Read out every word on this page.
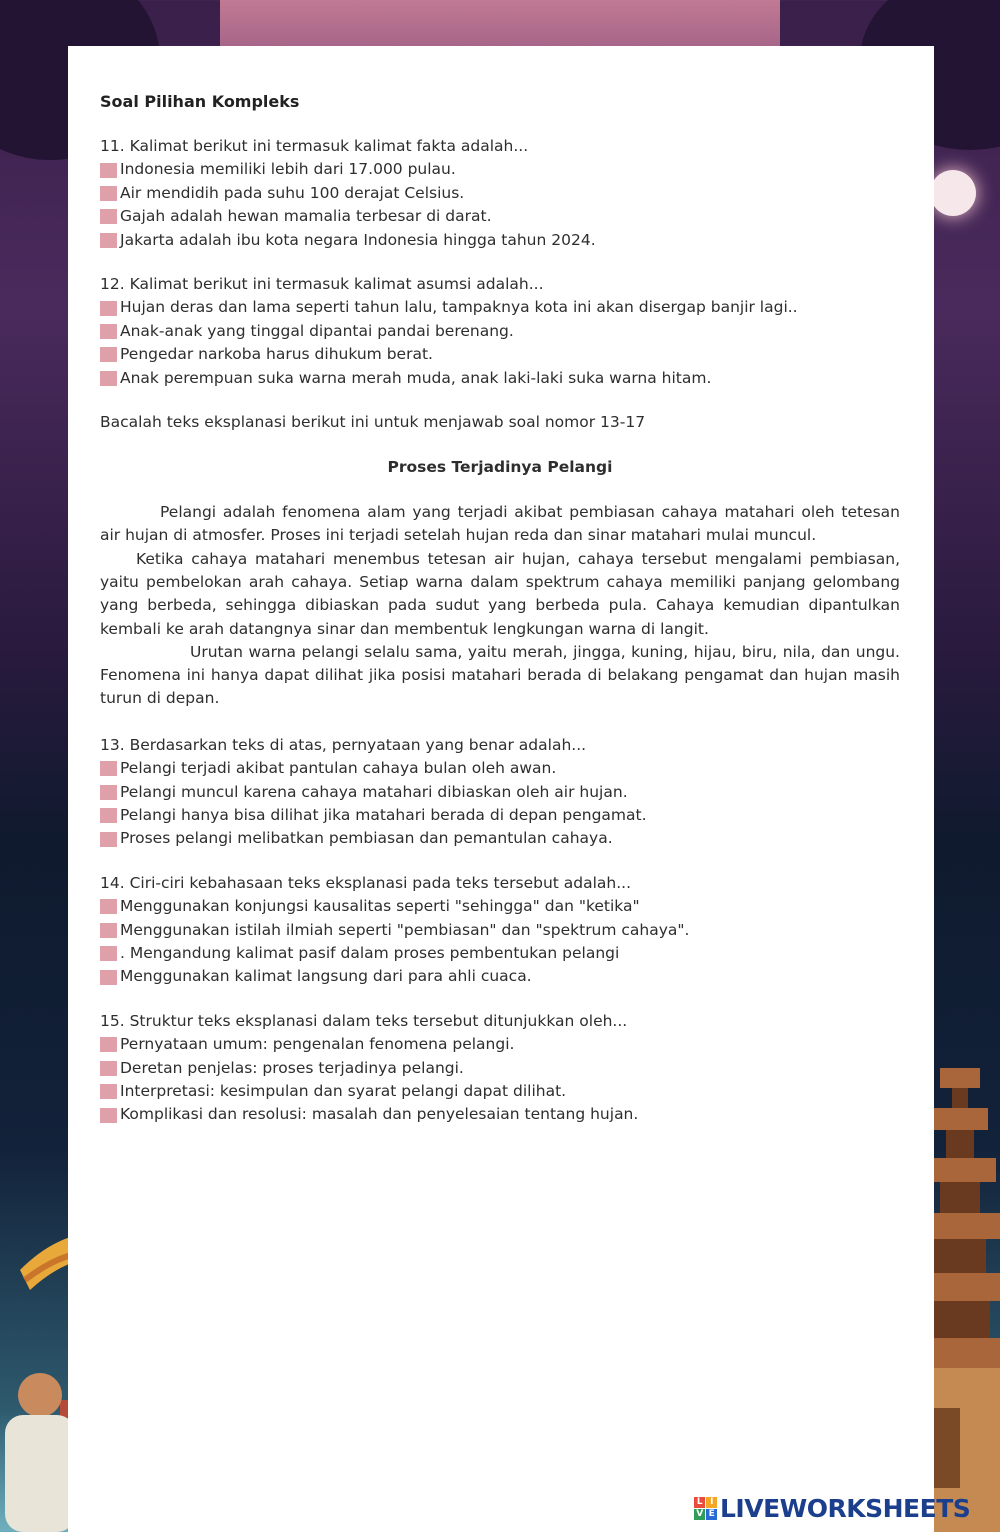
Soal Pilihan Kompleks
11. Kalimat berikut ini termasuk kalimat fakta adalah...
Indonesia memiliki lebih dari 17.000 pulau.
Air mendidih pada suhu 100 derajat Celsius.
Gajah adalah hewan mamalia terbesar di darat.
Jakarta adalah ibu kota negara Indonesia hingga tahun 2024.
12. Kalimat berikut ini termasuk kalimat asumsi adalah...
Hujan deras dan lama seperti tahun lalu, tampaknya kota ini akan disergap banjir lagi..
Anak-anak yang tinggal dipantai pandai berenang.
Pengedar narkoba harus dihukum berat.
Anak perempuan suka warna merah muda, anak laki-laki suka warna hitam.
Bacalah teks eksplanasi berikut ini untuk menjawab soal nomor 13-17
Proses Terjadinya Pelangi

Pelangi adalah fenomena alam yang terjadi akibat pembiasan cahaya matahari oleh tetesan air hujan di atmosfer. Proses ini terjadi setelah hujan reda dan sinar matahari mulai muncul.

Ketika cahaya matahari menembus tetesan air hujan, cahaya tersebut mengalami pembiasan, yaitu pembelokan arah cahaya. Setiap warna dalam spektrum cahaya memiliki panjang gelombang yang berbeda, sehingga dibiaskan pada sudut yang berbeda pula. Cahaya kemudian dipantulkan kembali ke arah datangnya sinar dan membentuk lengkungan warna di langit.

Urutan warna pelangi selalu sama, yaitu merah, jingga, kuning, hijau, biru, nila, dan ungu. Fenomena ini hanya dapat dilihat jika posisi matahari berada di belakang pengamat dan hujan masih turun di depan.

13. Berdasarkan teks di atas, pernyataan yang benar adalah...
Pelangi terjadi akibat pantulan cahaya bulan oleh awan.
Pelangi muncul karena cahaya matahari dibiaskan oleh air hujan.
Pelangi hanya bisa dilihat jika matahari berada di depan pengamat.
Proses pelangi melibatkan pembiasan dan pemantulan cahaya.
14. Ciri-ciri kebahasaan teks eksplanasi pada teks tersebut adalah...
Menggunakan konjungsi kausalitas seperti "sehingga" dan "ketika"
Menggunakan istilah ilmiah seperti "pembiasan" dan "spektrum cahaya".
. Mengandung kalimat pasif dalam proses pembentukan pelangi
Menggunakan kalimat langsung dari para ahli cuaca.
15. Struktur teks eksplanasi dalam teks tersebut ditunjukkan oleh...
Pernyataan umum: pengenalan fenomena pelangi.
Deretan penjelas: proses terjadinya pelangi.
Interpretasi: kesimpulan dan syarat pelangi dapat dilihat.
Komplikasi dan resolusi: masalah dan penyelesaian tentang hujan.
L I
V E LIVEWORKSHEETS
